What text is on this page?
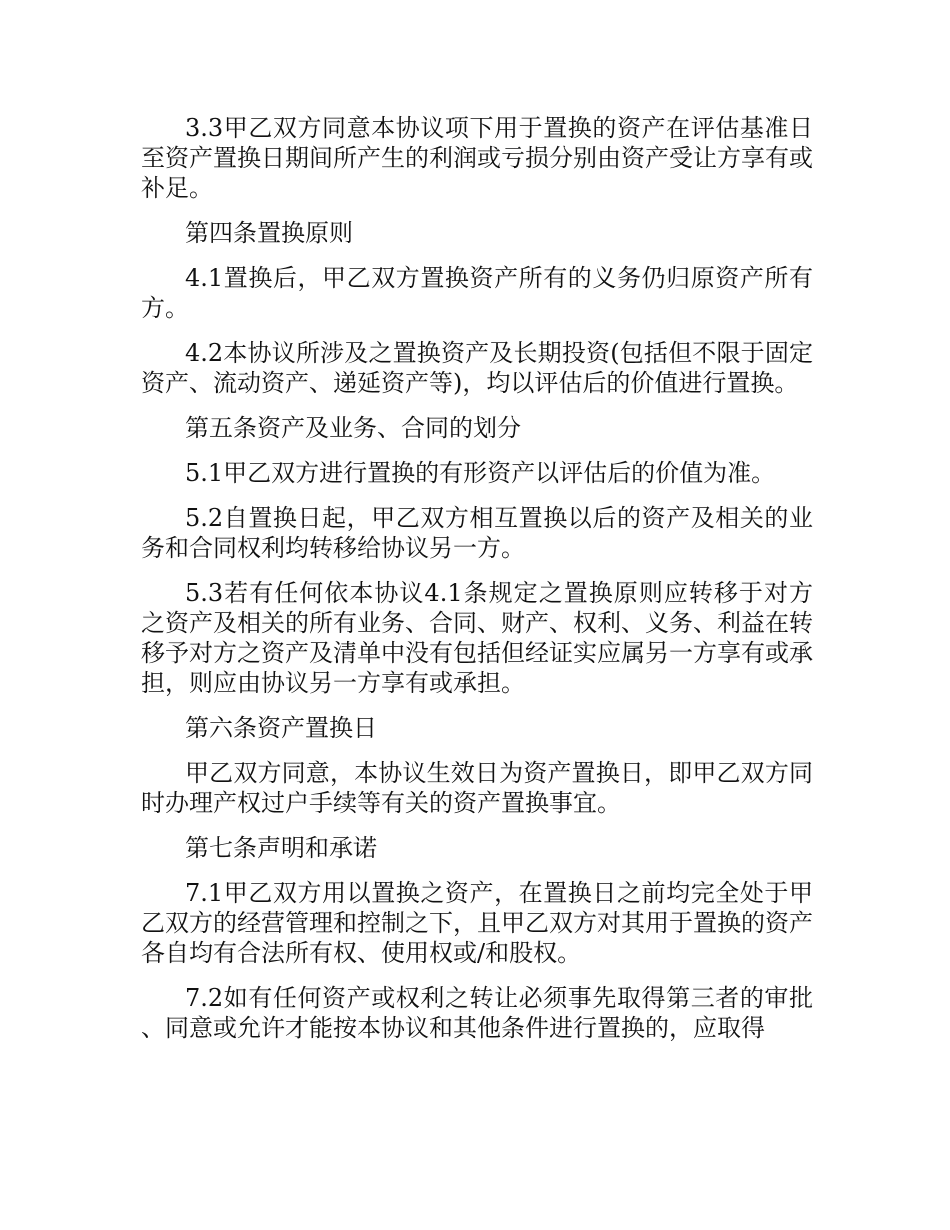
3.3甲乙双方同意本协议项下用于置换的资产在评估基准日至资产置换日期间所产生的利润或亏损分别由资产受让方享有或补足。

第四条置换原则

4.1置换后，甲乙双方置换资产所有的义务仍归原资产所有方。

4.2本协议所涉及之置换资产及长期投资(包括但不限于固定资产、流动资产、递延资产等)，均以评估后的价值进行置换。

第五条资产及业务、合同的划分

5.1甲乙双方进行置换的有形资产以评估后的价值为准。

5.2自置换日起，甲乙双方相互置换以后的资产及相关的业务和合同权利均转移给协议另一方。

5.3若有任何依本协议4.1条规定之置换原则应转移于对方之资产及相关的所有业务、合同、财产、权利、义务、利益在转移予对方之资产及清单中没有包括但经证实应属另一方享有或承担，则应由协议另一方享有或承担。

第六条资产置换日

甲乙双方同意，本协议生效日为资产置换日，即甲乙双方同时办理产权过户手续等有关的资产置换事宜。

第七条声明和承诺

7.1甲乙双方用以置换之资产，在置换日之前均完全处于甲乙双方的经营管理和控制之下，且甲乙双方对其用于置换的资产各自均有合法所有权、使用权或/和股权。

7.2如有任何资产或权利之转让必须事先取得第三者的审批、同意或允许才能按本协议和其他条件进行置换的，应取得
